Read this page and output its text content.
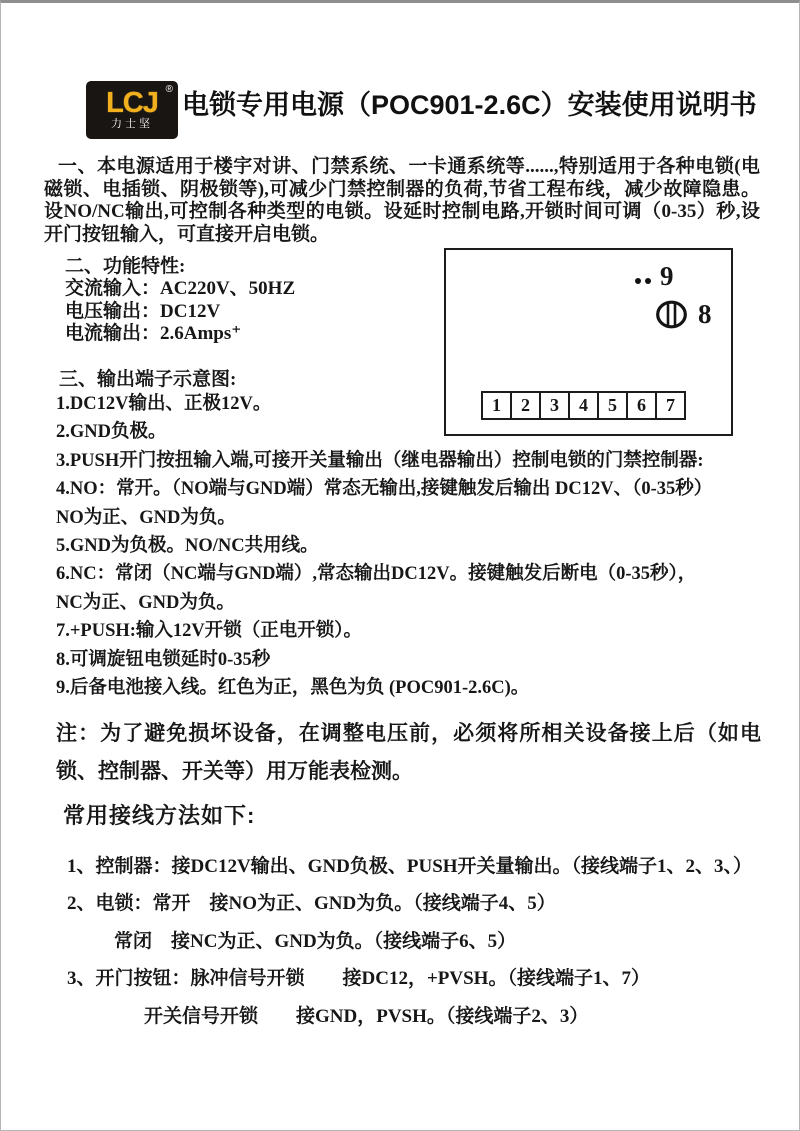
LCJ ®
力士坚
电锁专用电源（POC901-2.6C）安装使用说明书

一、本电源适用于楼宇对讲、门禁系统、一卡通系统等......,特别适用于各种电锁(电磁锁、电插锁、阴极锁等),可减少门禁控制器的负荷,节省工程布线，减少故障隐患。设NO/NC输出,可控制各种类型的电锁。设延时控制电路,开锁时间可调（0-35）秒,设开门按钮输入，可直接开启电锁。

二、功能特性:
交流输入：AC220V、50HZ
电压输出：DC12V
电流输出：2.6Amps⁺
9
8
1	2	3	4	5	6	7
三、输出端子示意图:
1.DC12V输出、正极12V。
2.GND负极。
3.PUSH开门按扭输入端,可接开关量输出（继电器输出）控制电锁的门禁控制器:
4.NO：常开。（NO端与GND端）常态无输出,接键触发后输出 DC12V、（0-35秒）
NO为正、GND为负。
5.GND为负极。NO/NC共用线。
6.NC：常闭（NC端与GND端）,常态输出DC12V。接键触发后断电（0-35秒），
NC为正、GND为负。
7.+PUSH:输入12V开锁（正电开锁）。
8.可调旋钮电锁延时0-35秒
9.后备电池接入线。红色为正，黑色为负 (POC901-2.6C)。

注：为了避免损坏设备，在调整电压前，必须将所相关设备接上后（如电锁、控制器、开关等）用万能表检测。

常用接线方法如下:
1、控制器：接DC12V输出、GND负极、PUSH开关量输出。（接线端子1、2、3、）
2、电锁：常开　接NO为正、GND为负。（接线端子4、5）
常闭　接NC为正、GND为负。（接线端子6、5）
3、开门按钮：脉冲信号开锁　　接DC12，+PVSH。（接线端子1、7）
开关信号开锁　　接GND，PVSH。（接线端子2、3）
